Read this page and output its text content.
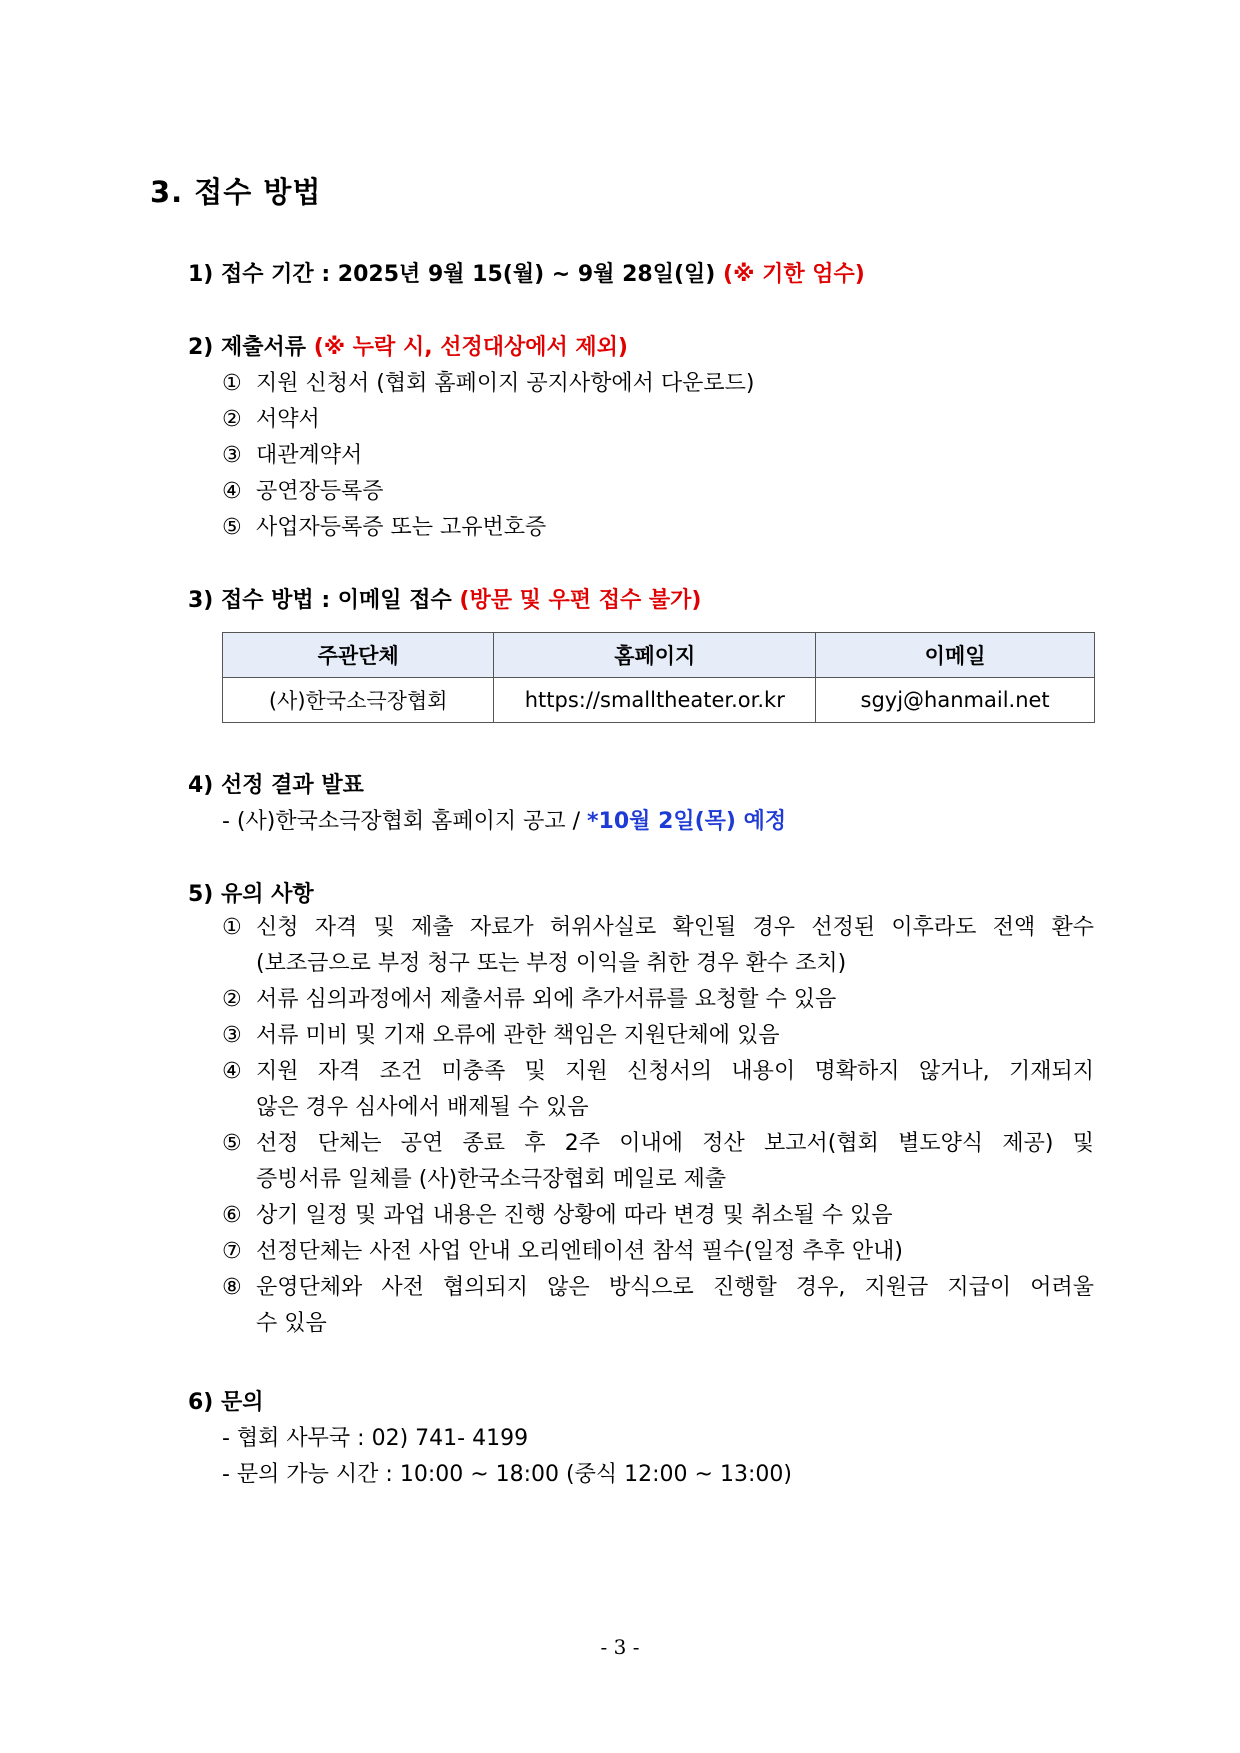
3. 접수 방법
1) 접수 기간 : 2025년 9월 15(월) ~ 9월 28일(일) (※ 기한 엄수)
2) 제출서류 (※ 누락 시, 선정대상에서 제외)
① 지원 신청서 (협회 홈페이지 공지사항에서 다운로드)
② 서약서
③ 대관계약서
④ 공연장등록증
⑤ 사업자등록증 또는 고유번호증
3) 접수 방법 : 이메일 접수 (방문 및 우편 접수 불가)
주관단체	홈페이지	이메일
(사)한국소극장협회	https://smalltheater.or.kr	sgyj@hanmail.net
4) 선정 결과 발표
- (사)한국소극장협회 홈페이지 공고 / *10월 2일(목) 예정
5) 유의 사항
① 신청 자격 및 제출 자료가 허위사실로 확인될 경우 선정된 이후라도 전액 환수
(보조금으로 부정 청구 또는 부정 이익을 취한 경우 환수 조치)
② 서류 심의과정에서 제출서류 외에 추가서류를 요청할 수 있음
③ 서류 미비 및 기재 오류에 관한 책임은 지원단체에 있음
④ 지원 자격 조건 미충족 및 지원 신청서의 내용이 명확하지 않거나, 기재되지
않은 경우 심사에서 배제될 수 있음
⑤ 선정 단체는 공연 종료 후 2주 이내에 정산 보고서(협회 별도양식 제공) 및
증빙서류 일체를 (사)한국소극장협회 메일로 제출
⑥ 상기 일정 및 과업 내용은 진행 상황에 따라 변경 및 취소될 수 있음
⑦ 선정단체는 사전 사업 안내 오리엔테이션 참석 필수(일정 추후 안내)
⑧ 운영단체와 사전 협의되지 않은 방식으로 진행할 경우, 지원금 지급이 어려울
수 있음
6) 문의
- 협회 사무국 : 02) 741- 4199
- 문의 가능 시간 : 10:00 ~ 18:00 (중식 12:00 ~ 13:00)
- 3 -
